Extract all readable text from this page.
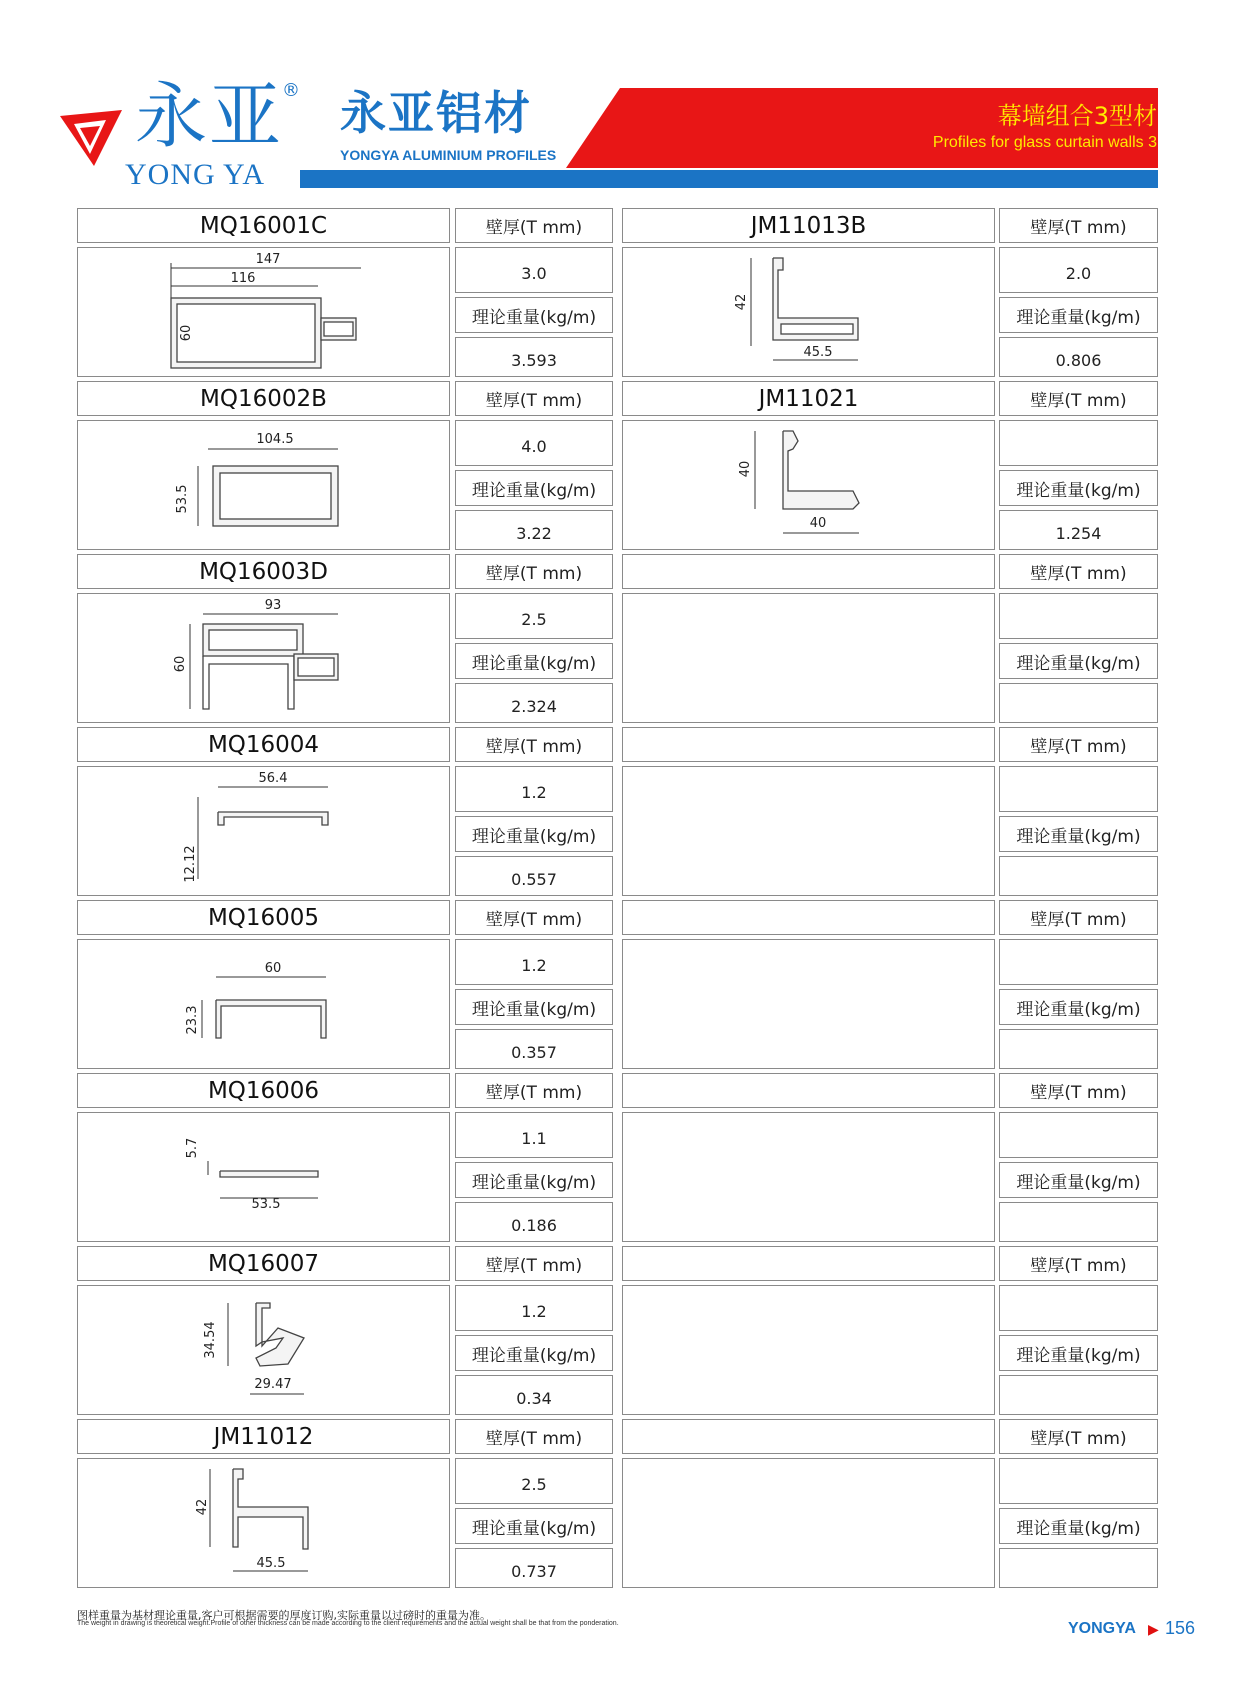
永亚
®
YONG YA
永亚铝材
YONGYA ALUMINIUM PROFILES
幕墙组合3型材
Profiles for glass curtain walls 3
MQ16001C	壁厚(T mm)
147
116
60
3.0
理论重量(kg/m)
3.593
MQ16002B	壁厚(T mm)
104.5
53.5
4.0
理论重量(kg/m)
3.22
MQ16003D	壁厚(T mm)
93
60
2.5
理论重量(kg/m)
2.324
MQ16004	壁厚(T mm)
56.4
12.12
1.2
理论重量(kg/m)
0.557
MQ16005	壁厚(T mm)
60
23.3
1.2
理论重量(kg/m)
0.357
MQ16006	壁厚(T mm)
5.7
53.5
1.1
理论重量(kg/m)
0.186
MQ16007	壁厚(T mm)
34.54
29.47
1.2
理论重量(kg/m)
0.34
JM11012	壁厚(T mm)
42
45.5
2.5
理论重量(kg/m)
0.737
JM11013B	壁厚(T mm)
42
45.5
2.0
理论重量(kg/m)
0.806
JM11021	壁厚(T mm)
40
40
理论重量(kg/m)
1.254
壁厚(T mm)
理论重量(kg/m)
壁厚(T mm)
理论重量(kg/m)
壁厚(T mm)
理论重量(kg/m)
壁厚(T mm)
理论重量(kg/m)
壁厚(T mm)
理论重量(kg/m)
壁厚(T mm)
理论重量(kg/m)
图样重量为基材理论重量,客户可根据需要的厚度订购,实际重量以过磅时的重量为准。
The weight in drawing is theoretical weight.Profile of other thickness can be made according to the client requirements and the actual weight shall be that from the ponderation.	YONGYA ▶ 156
